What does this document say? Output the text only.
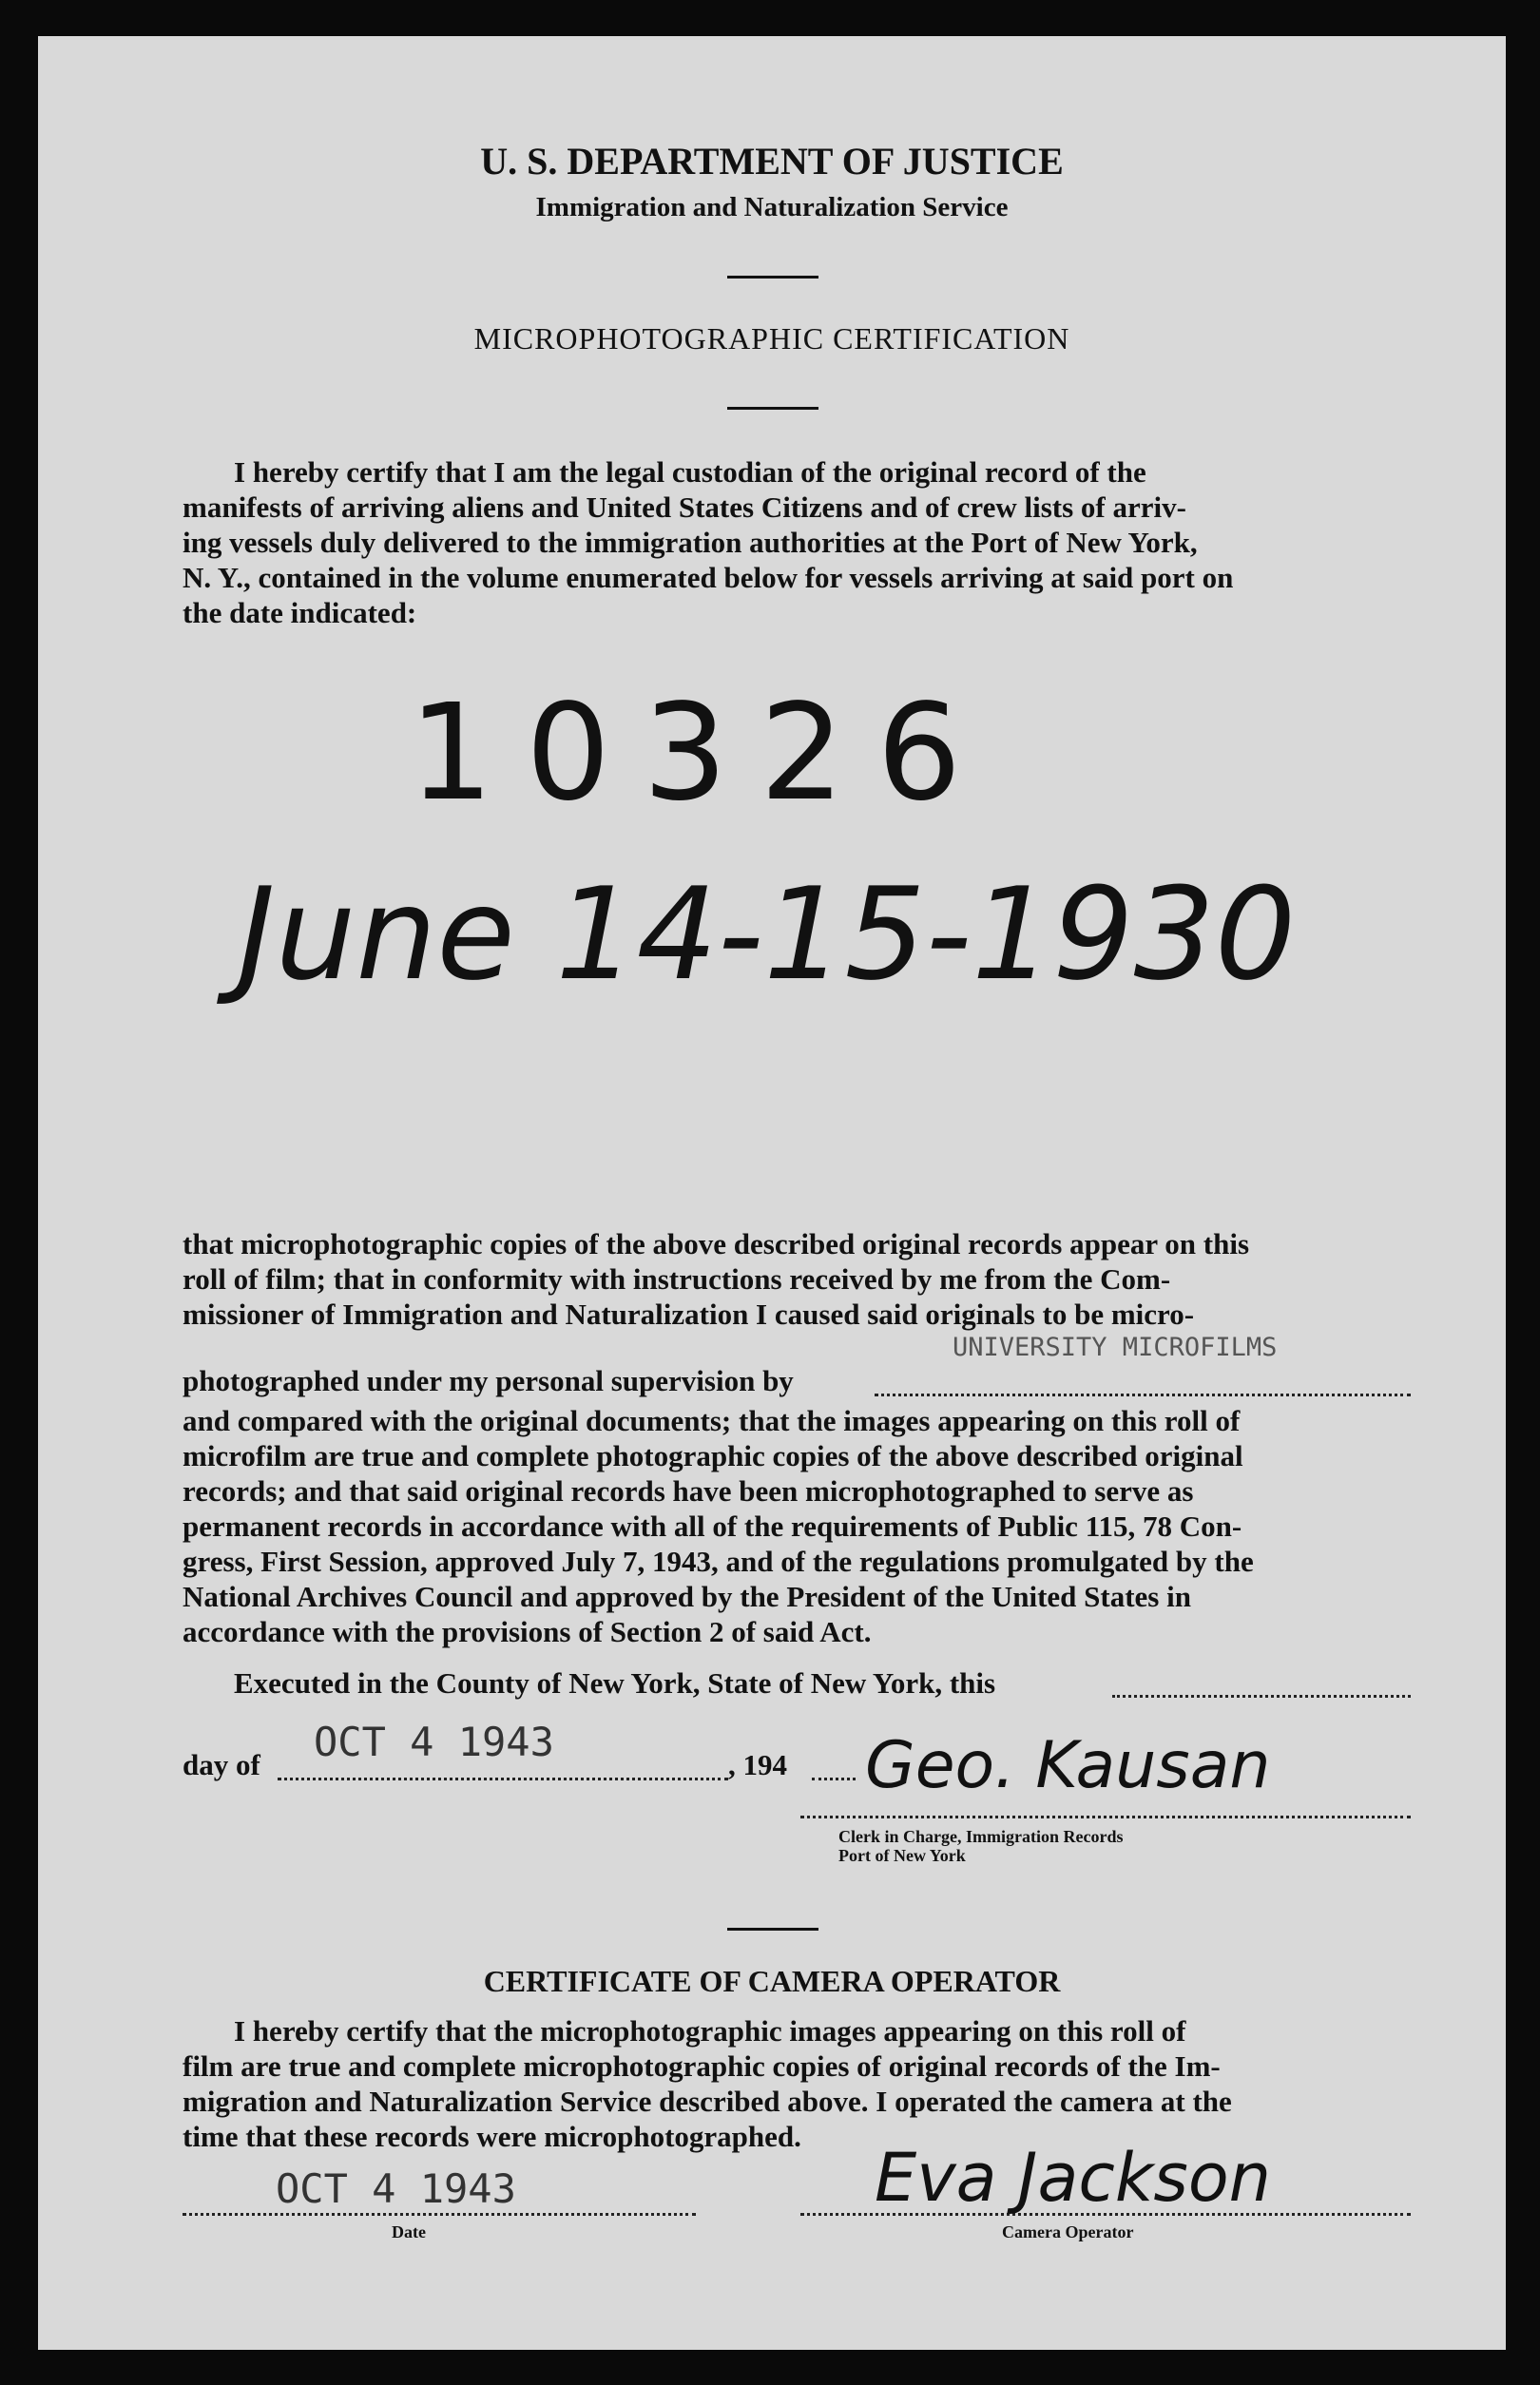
U. S. DEPARTMENT OF JUSTICE
Immigration and Naturalization Service
MICROPHOTOGRAPHIC CERTIFICATION
I hereby certify that I am the legal custodian of the original record of the
manifests of arriving aliens and United States Citizens and of crew lists of arriv-
ing vessels duly delivered to the immigration authorities at the Port of New York,
N. Y., contained in the volume enumerated below for vessels arriving at said port on
the date indicated:
10326
June 14-15-1930
that microphotographic copies of the above described original records appear on this
roll of film; that in conformity with instructions received by me from the Com-
missioner of Immigration and Naturalization I caused said originals to be micro-
photographed under my personal supervision by
UNIVERSITY MICROFILMS
and compared with the original documents; that the images appearing on this roll of
microfilm are true and complete photographic copies of the above described original
records; and that said original records have been microphotographed to serve as
permanent records in accordance with all of the requirements of Public 115, 78 Con-
gress, First Session, approved July 7, 1943, and of the regulations promulgated by the
National Archives Council and approved by the President of the United States in
accordance with the provisions of Section 2 of said Act.
Executed in the County of New York, State of New York, this
day of OCT 4 1943	, 194 Geo. Kausan
Clerk in Charge, Immigration Records
Port of New York
CERTIFICATE OF CAMERA OPERATOR
I hereby certify that the microphotographic images appearing on this roll of
film are true and complete microphotographic copies of original records of the Im-
migration and Naturalization Service described above. I operated the camera at the
time that these records were microphotographed.
OCT 4 1943
Date
Eva Jackson
Camera Operator
